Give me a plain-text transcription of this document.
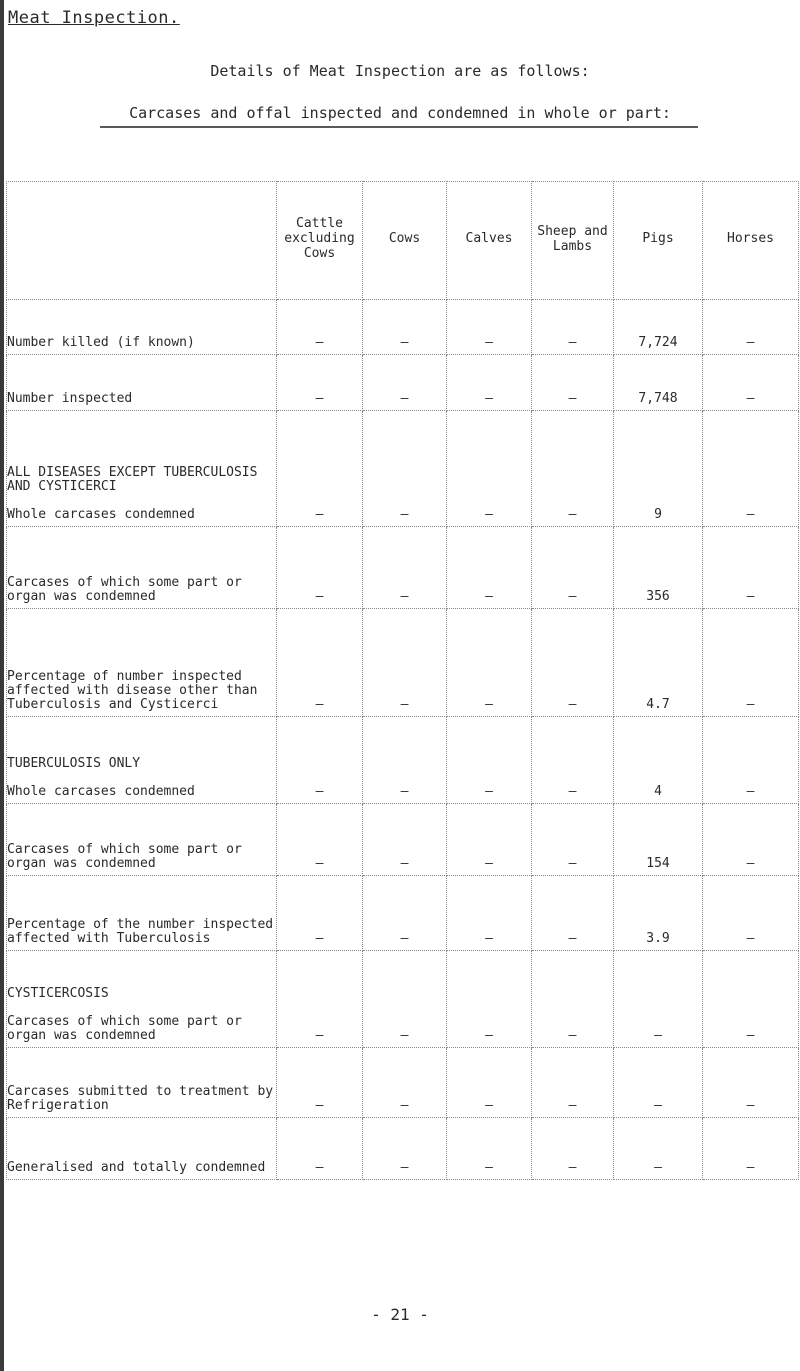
Meat Inspection.
Details of Meat Inspection are as follows:
Carcases and offal inspected and condemned in whole or part:
	Cattle excluding Cows	Cows	Calves	Sheep and Lambs	Pigs	Horses
Number killed (if known)	—	—	—	—	7,724	—
Number inspected	—	—	—	—	7,748	—

ALL DISEASES EXCEPT TUBERCULOSIS AND CYSTICERCI
Whole carcases condemned	—	—	—	—	9	—
Carcases of which some part or organ was condemned	—	—	—	—	356	—
Percentage of number inspected affected with disease other than Tuberculosis and Cysticerci	—	—	—	—	4.7	—

TUBERCULOSIS ONLY
Whole carcases condemned	—	—	—	—	4	—
Carcases of which some part or organ was condemned	—	—	—	—	154	—
Percentage of the number inspected affected with Tuberculosis	—	—	—	—	3.9	—

CYSTICERCOSIS
Carcases of which some part or organ was condemned	—	—	—	—	—	—
Carcases submitted to treatment by Refrigeration	—	—	—	—	—	—
Generalised and totally condemned	—	—	—	—	—	—
- 21 -
